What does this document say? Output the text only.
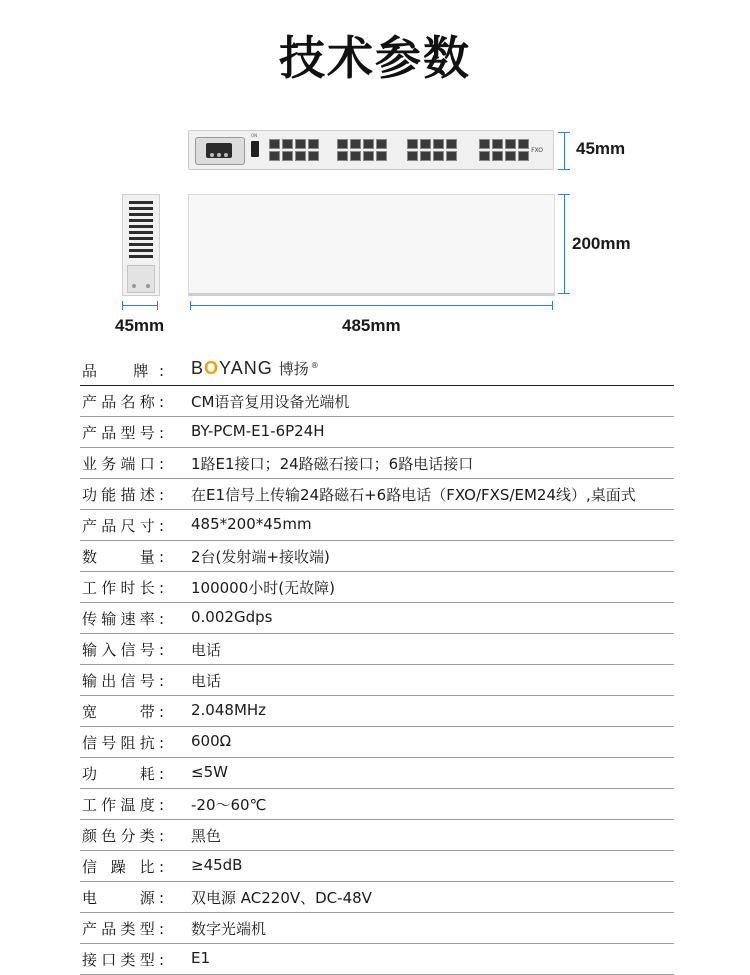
技术参数
ON
FXO 45mm
200mm
45mm	485mm
品　牌: BOYANG 博扬 ®
产品名称: CM语音复用设备光端机
产品型号: BY-PCM-E1-6P24H
业务端口: 1路E1接口；24路磁石接口；6路电话接口
功能描述: 在E1信号上传输24路磁石+6路电话（FXO/FXS/EM24线）,桌面式
产品尺寸: 485*200*45mm
数　　量: 2台(发射端+接收端)
工作时长: 100000小时(无故障)
传输速率: 0.002Gdps
输入信号: 电话
输出信号: 电话
宽　　带: 2.048MHz
信号阻抗: 600Ω
功　　耗: ≤5W
工作温度: -20～60℃
颜色分类: 黑色
信 躁 比: ≥45dB
电　　源: 双电源 AC220V、DC-48V
产品类型: 数字光端机
接口类型: E1
